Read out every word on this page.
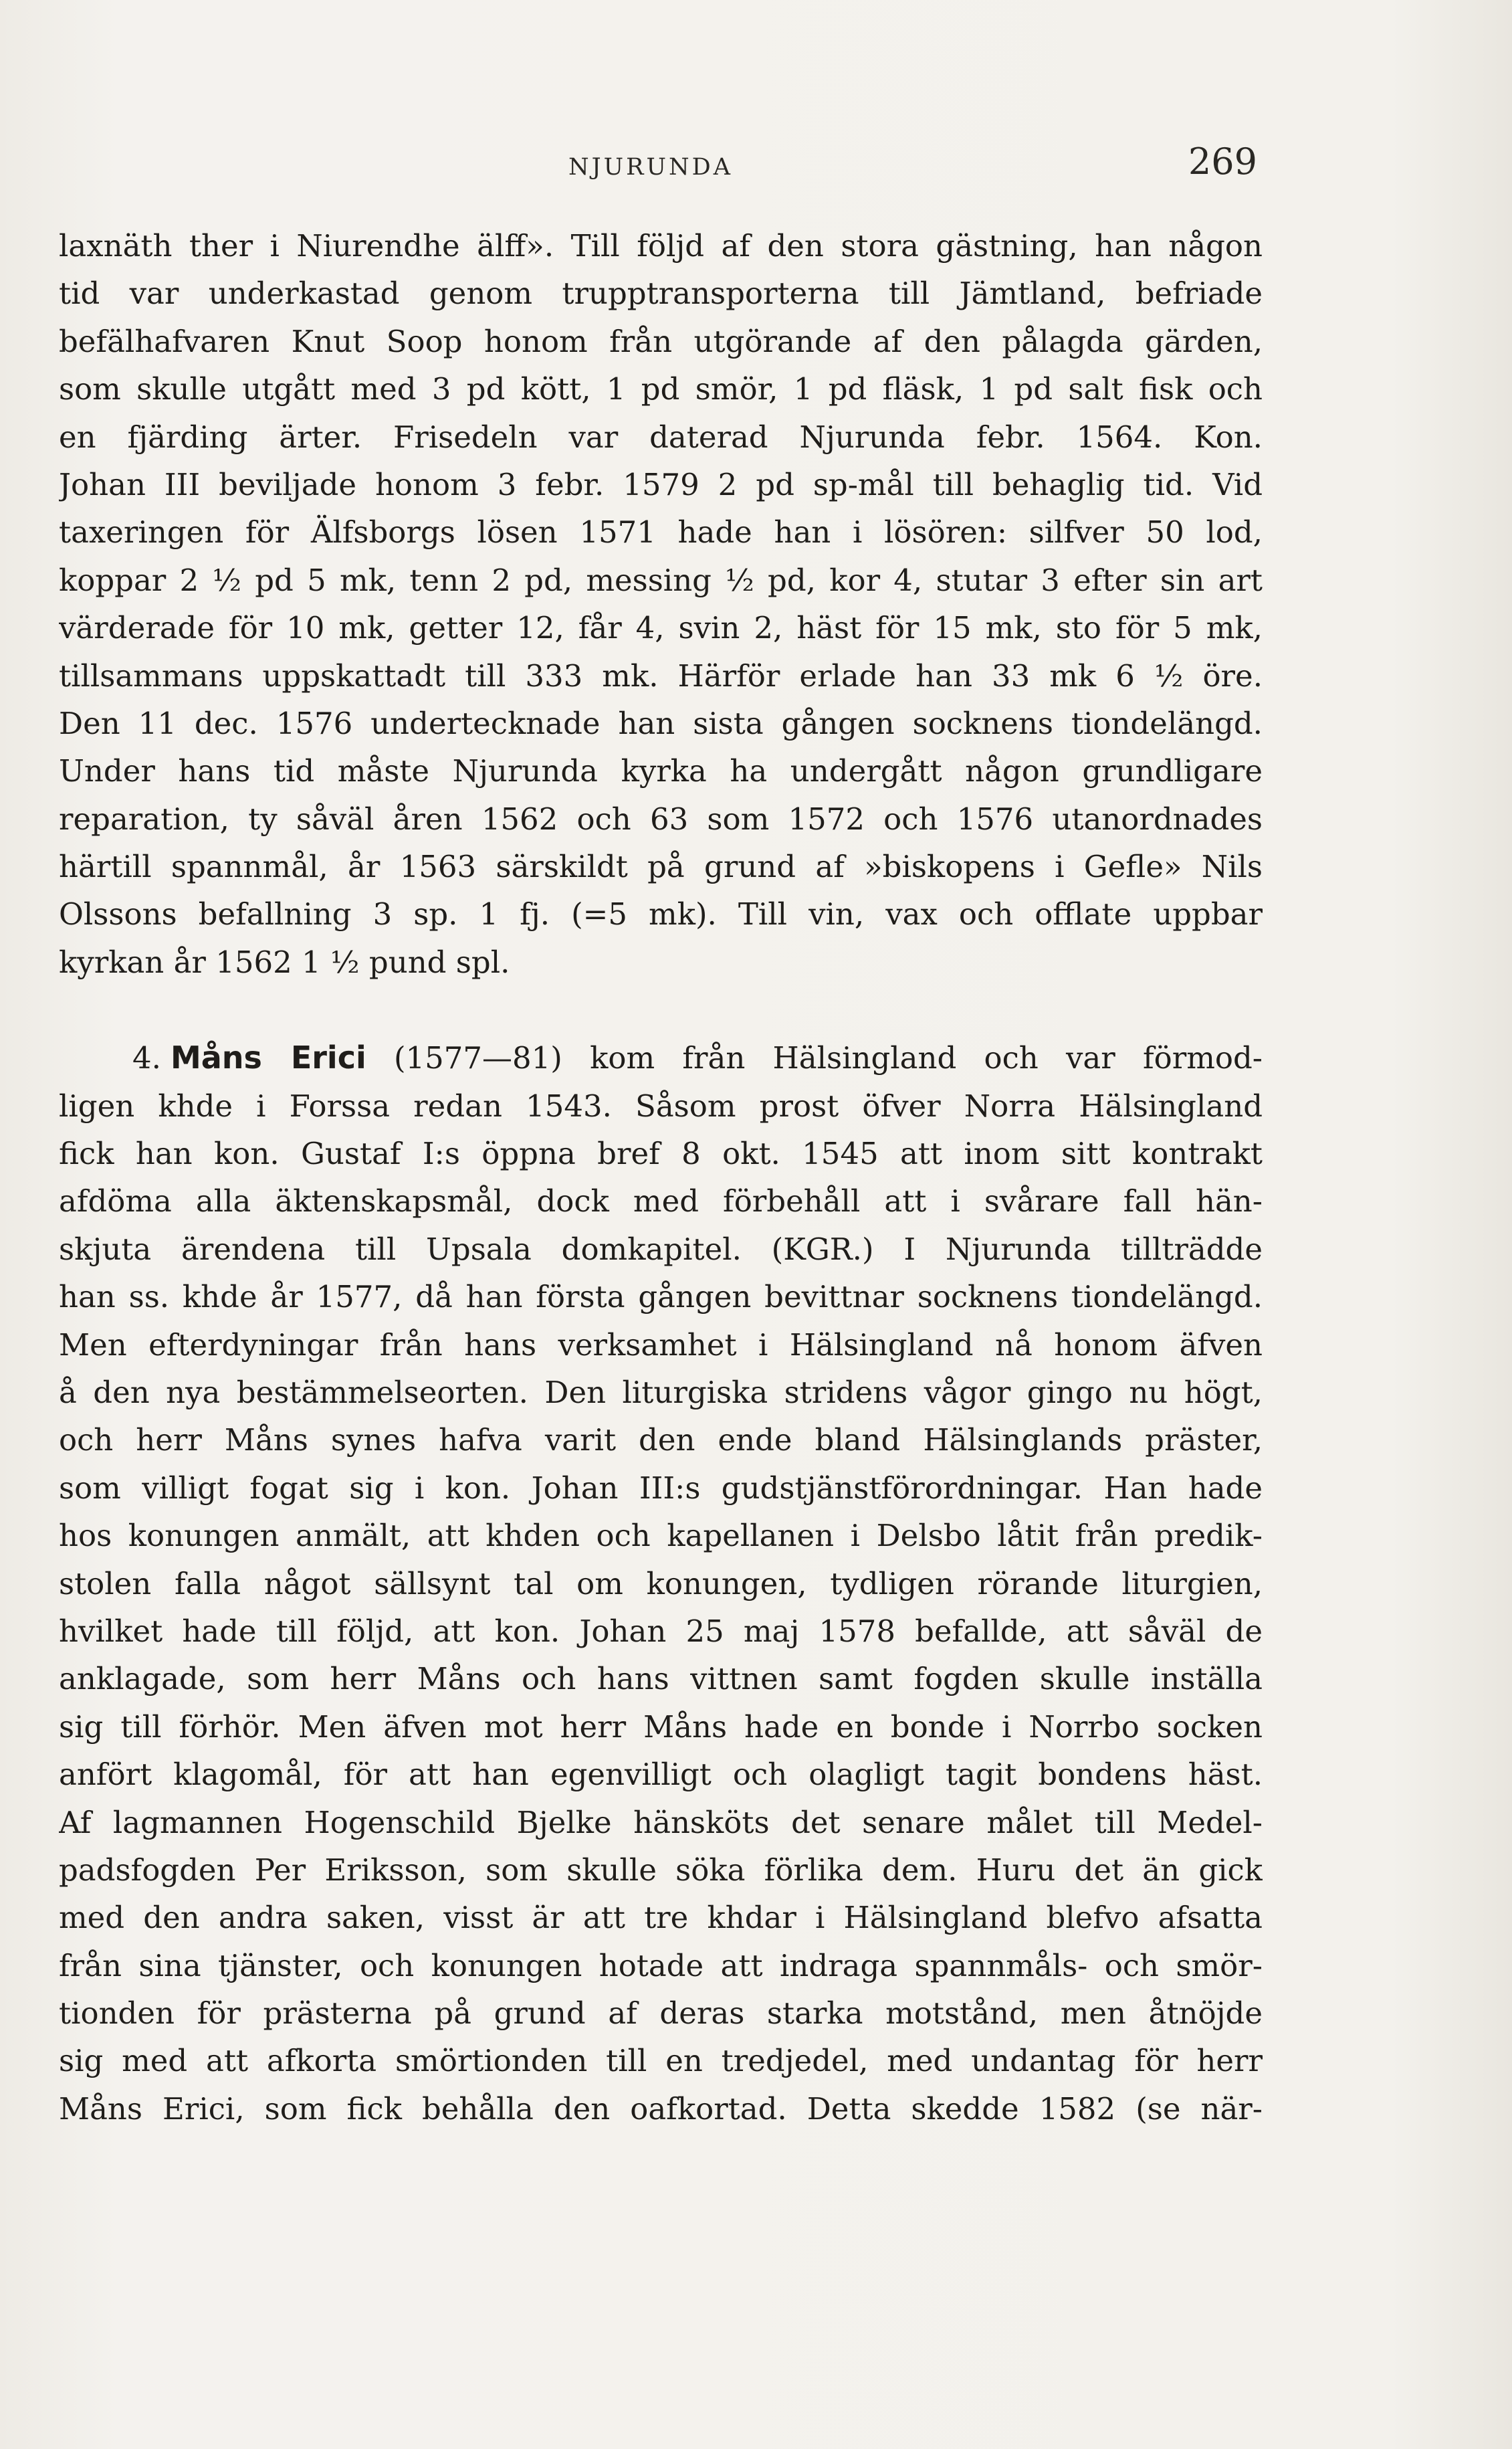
NJURUNDA	269
laxnäth ther i Niurendhe älff». Till följd af den stora gästning, han någon
tid var underkastad genom trupptransporterna till Jämtland, befriade
befälhafvaren Knut Soop honom från utgörande af den pålagda gärden,
som skulle utgått med 3 pd kött, 1 pd smör, 1 pd fläsk, 1 pd salt fisk och
en fjärding ärter. Frisedeln var daterad Njurunda febr. 1564. Kon.
Johan III beviljade honom 3 febr. 1579 2 pd sp-mål till behaglig tid. Vid
taxeringen för Älfsborgs lösen 1571 hade han i lösören: silfver 50 lod,
koppar 2 ½ pd 5 mk, tenn 2 pd, messing ½ pd, kor 4, stutar 3 efter sin art
värderade för 10 mk, getter 12, får 4, svin 2, häst för 15 mk, sto för 5 mk,
tillsammans uppskattadt till 333 mk. Härför erlade han 33 mk 6 ½ öre.
Den 11 dec. 1576 undertecknade han sista gången socknens tiondelängd.
Under hans tid måste Njurunda kyrka ha undergått någon grundligare
reparation, ty såväl åren 1562 och 63 som 1572 och 1576 utanordnades
härtill spannmål, år 1563 särskildt på grund af »biskopens i Gefle» Nils
Olssons befallning 3 sp. 1 fj. (=5 mk). Till vin, vax och offlate uppbar
kyrkan år 1562 1 ½ pund spl.
4. Måns Erici (1577—81) kom från Hälsingland och var förmod-
ligen khde i Forssa redan 1543. Såsom prost öfver Norra Hälsingland
fick han kon. Gustaf I:s öppna bref 8 okt. 1545 att inom sitt kontrakt
afdöma alla äktenskapsmål, dock med förbehåll att i svårare fall hän-
skjuta ärendena till Upsala domkapitel. (KGR.) I Njurunda tillträdde
han ss. khde år 1577, då han första gången bevittnar socknens tiondelängd.
Men efterdyningar från hans verksamhet i Hälsingland nå honom äfven
å den nya bestämmelseorten. Den liturgiska stridens vågor gingo nu högt,
och herr Måns synes hafva varit den ende bland Hälsinglands präster,
som villigt fogat sig i kon. Johan III:s gudstjänstförordningar. Han hade
hos konungen anmält, att khden och kapellanen i Delsbo låtit från predik-
stolen falla något sällsynt tal om konungen, tydligen rörande liturgien,
hvilket hade till följd, att kon. Johan 25 maj 1578 befallde, att såväl de
anklagade, som herr Måns och hans vittnen samt fogden skulle inställa
sig till förhör. Men äfven mot herr Måns hade en bonde i Norrbo socken
anfört klagomål, för att han egenvilligt och olagligt tagit bondens häst.
Af lagmannen Hogenschild Bjelke hänsköts det senare målet till Medel-
padsfogden Per Eriksson, som skulle söka förlika dem. Huru det än gick
med den andra saken, visst är att tre khdar i Hälsingland blefvo afsatta
från sina tjänster, och konungen hotade att indraga spannmåls- och smör-
tionden för prästerna på grund af deras starka motstånd, men åtnöjde
sig med att afkorta smörtionden till en tredjedel, med undantag för herr
Måns Erici, som fick behålla den oafkortad. Detta skedde 1582 (se när-
